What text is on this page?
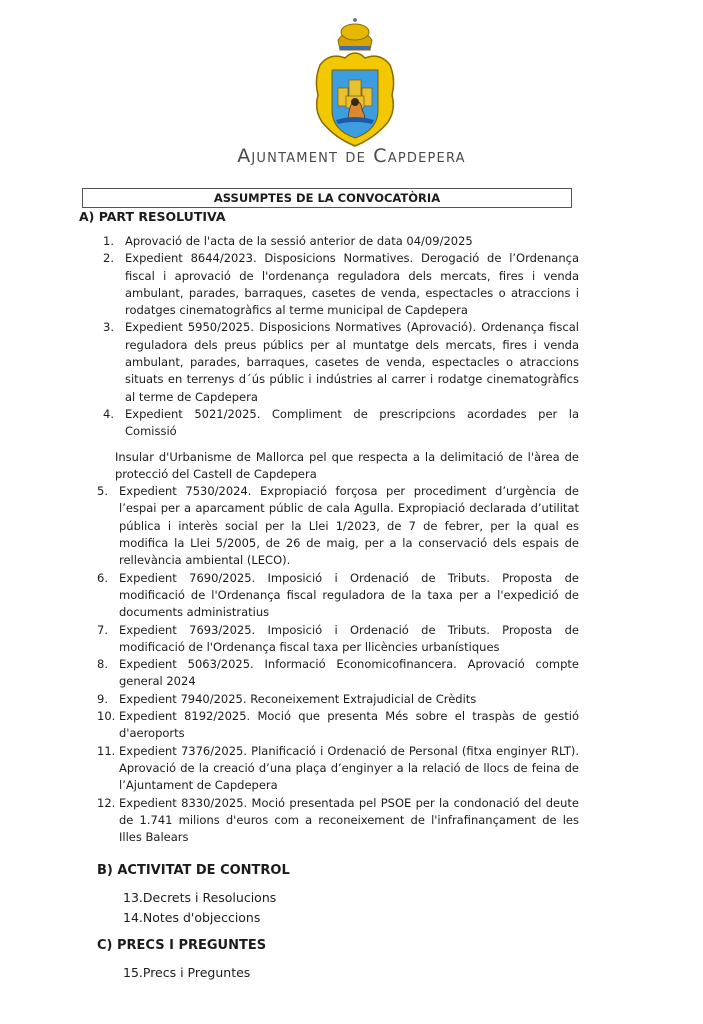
Ajuntament de Capdepera
ASSUMPTES DE LA CONVOCATÒRIA
A) PART RESOLUTIVA
1. Aprovació de l'acta de la sessió anterior de data 04/09/2025
2. Expedient 8644/2023. Disposicions Normatives. Derogació de l’Ordenança fiscal i aprovació de l'ordenança reguladora dels mercats, fires i venda ambulant, parades, barraques, casetes de venda, espectacles o atraccions i rodatges cinematogràfics al terme municipal de Capdepera
3. Expedient 5950/2025. Disposicions Normatives (Aprovació). Ordenança fiscal reguladora dels preus públics per al muntatge dels mercats, fires i venda ambulant, parades, barraques, casetes de venda, espectacles o atraccions situats en terrenys d´ús públic i indústries al carrer i rodatge cinematogràfics al terme de Capdepera
4. Expedient 5021/2025. Compliment de prescripcions acordades per la Comissió
Insular d'Urbanisme de Mallorca pel que respecta a la delimitació de l'àrea de protecció del Castell de Capdepera
5. Expedient 7530/2024. Expropiació forçosa per procediment d’urgència de l’espai per a aparcament públic de cala Agulla. Expropiació declarada d’utilitat pública i interès social per la Llei 1/2023, de 7 de febrer, per la qual es modifica la Llei 5/2005, de 26 de maig, per a la conservació dels espais de rellevància ambiental (LECO).
6. Expedient 7690/2025. Imposició i Ordenació de Tributs. Proposta de modificació de l'Ordenança fiscal reguladora de la taxa per a l'expedició de documents administratius
7. Expedient 7693/2025. Imposició i Ordenació de Tributs. Proposta de modificació de l'Ordenança fiscal taxa per llicències urbanístiques
8. Expedient 5063/2025. Informació Economicofinancera. Aprovació compte general 2024
9. Expedient 7940/2025. Reconeixement Extrajudicial de Crèdits
10. Expedient 8192/2025. Moció que presenta Més sobre el traspàs de gestió d'aeroports
11. Expedient 7376/2025. Planificació i Ordenació de Personal (fitxa enginyer RLT). Aprovació de la creació d’una plaça d’enginyer a la relació de llocs de feina de l’Ajuntament de Capdepera
12. Expedient 8330/2025. Moció presentada pel PSOE per la condonació del deute de 1.741 milions d'euros com a reconeixement de l'infrafinançament de les Illes Balears
B) ACTIVITAT DE CONTROL
13.Decrets i Resolucions
14.Notes d'objeccions
C) PRECS I PREGUNTES
15.Precs i Preguntes
